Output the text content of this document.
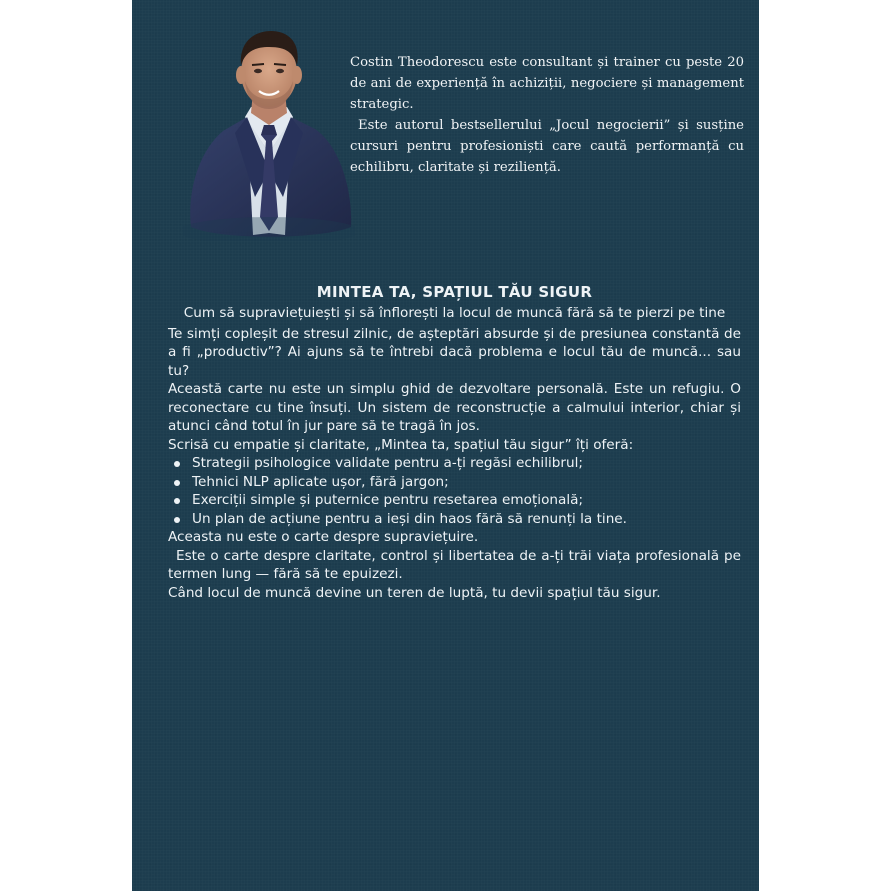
Costin Theodorescu este consultant și trainer cu peste 20 de ani de experiență în achiziții, negociere și management strategic.

Este autorul bestsellerului „Jocul negocierii” și susține cursuri pentru profesioniști care caută performanță cu echilibru, claritate și reziliență.

MINTEA TA, SPAȚIUL TĂU SIGUR

Cum să supraviețuiești și să înflorești la locul de muncă fără să te pierzi pe tine

Te simți copleșit de stresul zilnic, de așteptări absurde și de presiunea constantă de a fi „productiv”? Ai ajuns să te întrebi dacă problema e locul tău de muncă... sau tu?

Această carte nu este un simplu ghid de dezvoltare personală. Este un refugiu. O reconectare cu tine însuți. Un sistem de reconstrucție a calmului interior, chiar și atunci când totul în jur pare să te tragă în jos.

Scrisă cu empatie și claritate, „Mintea ta, spațiul tău sigur” îți oferă:

Strategii psihologice validate pentru a-ți regăsi echilibrul;
Tehnici NLP aplicate ușor, fără jargon;
Exerciții simple și puternice pentru resetarea emoțională;
Un plan de acțiune pentru a ieși din haos fără să renunți la tine.

Aceasta nu este o carte despre supraviețuire.

Este o carte despre claritate, control și libertatea de a-ți trăi viața profesională pe termen lung — fără să te epuizezi.

Când locul de muncă devine un teren de luptă, tu devii spațiul tău sigur.
